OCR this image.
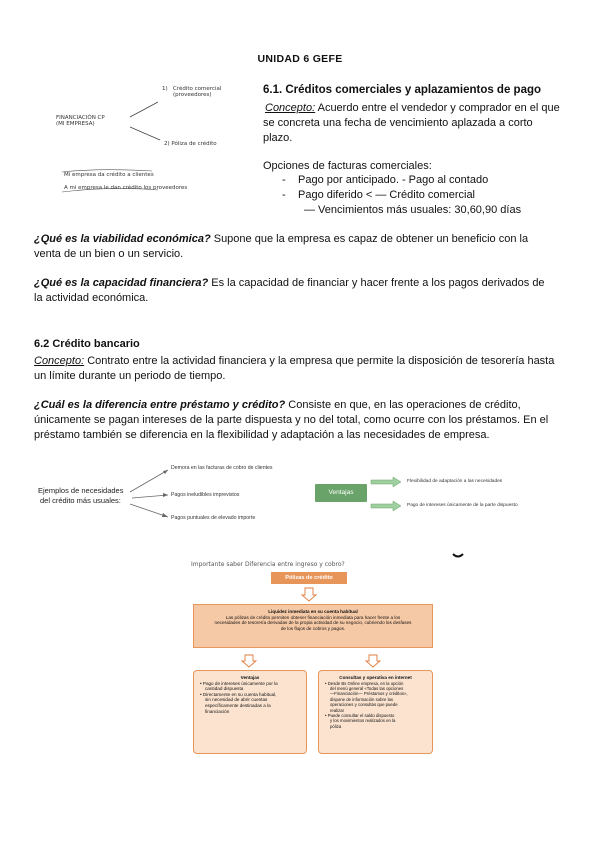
UNIDAD 6 GEFE
FINANCIACIÓN CP
(MI EMPRESA)
1) Crédito comercial
(proveedores)
2) Póliza de crédito
Mi empresa da crédito a clientes
A mi empresa le dan crédito los proveedores
6.1. Créditos comerciales y aplazamientos de pago
Concepto: Acuerdo entre el vendedor y comprador en el que
se concreta una fecha de vencimiento aplazada a corto
plazo.
Opciones de facturas comerciales:
- Pago por anticipado. - Pago al contado
- Pago diferido < — Crédito comercial
— Vencimientos más usuales: 30,60,90 días
¿Qué es la viabilidad económica? Supone que la empresa es capaz de obtener un beneficio con la
venta de un bien o un servicio.
¿Qué es la capacidad financiera? Es la capacidad de financiar y hacer frente a los pagos derivados de
la actividad económica.
6.2 Crédito bancario
Concepto: Contrato entre la actividad financiera y la empresa que permite la disposición de tesorería hasta
un límite durante un periodo de tiempo.
¿Cuál es la diferencia entre préstamo y crédito? Consiste en que, en las operaciones de crédito,
únicamente se pagan intereses de la parte dispuesta y no del total, como ocurre con los préstamos. En el
préstamo también se diferencia en la flexibilidad y adaptación a las necesidades de empresa.
Ejemplos de necesidades
del crédito más usuales:
Demora en las facturas de cobro de clientes
Pagos ineludibles imprevistos
Pagos puntuales de elevado importe
Ventajas
Flexibilidad de adaptación a las necesidades
Pago de intereses únicamente de la parte dispuesto
Importante saber Diferencia entre ingreso y cobro?
Pólizas de crédito
Liquidez inmediata en su cuenta habitual
Las pólizas de crédito permiten obtener financiación inmediata para hacer frente a los
necesidades de tesorería derivadas de la propia actividad de su negocio, cubriendo los desfases
de los flujos de cobros y pagos.
Ventajas
• Pago de intereses únicamente por la
cantidad dispuesta
• Directamente en su cuenta habitual,
sin necesidad de abrir cuentas
específicamente destinadas a la
financiación
Consultas y operativa en internet
• Desde Bs Online empresa, en la opción
del menú general «Todas las opciones
—Financiación— Préstamos y créditos»,
dispone de información sobre las
operaciones y consultas que puede
realizar
• Puede consultar el saldo dispuesto
y los movimientos realizados en la
póliza
